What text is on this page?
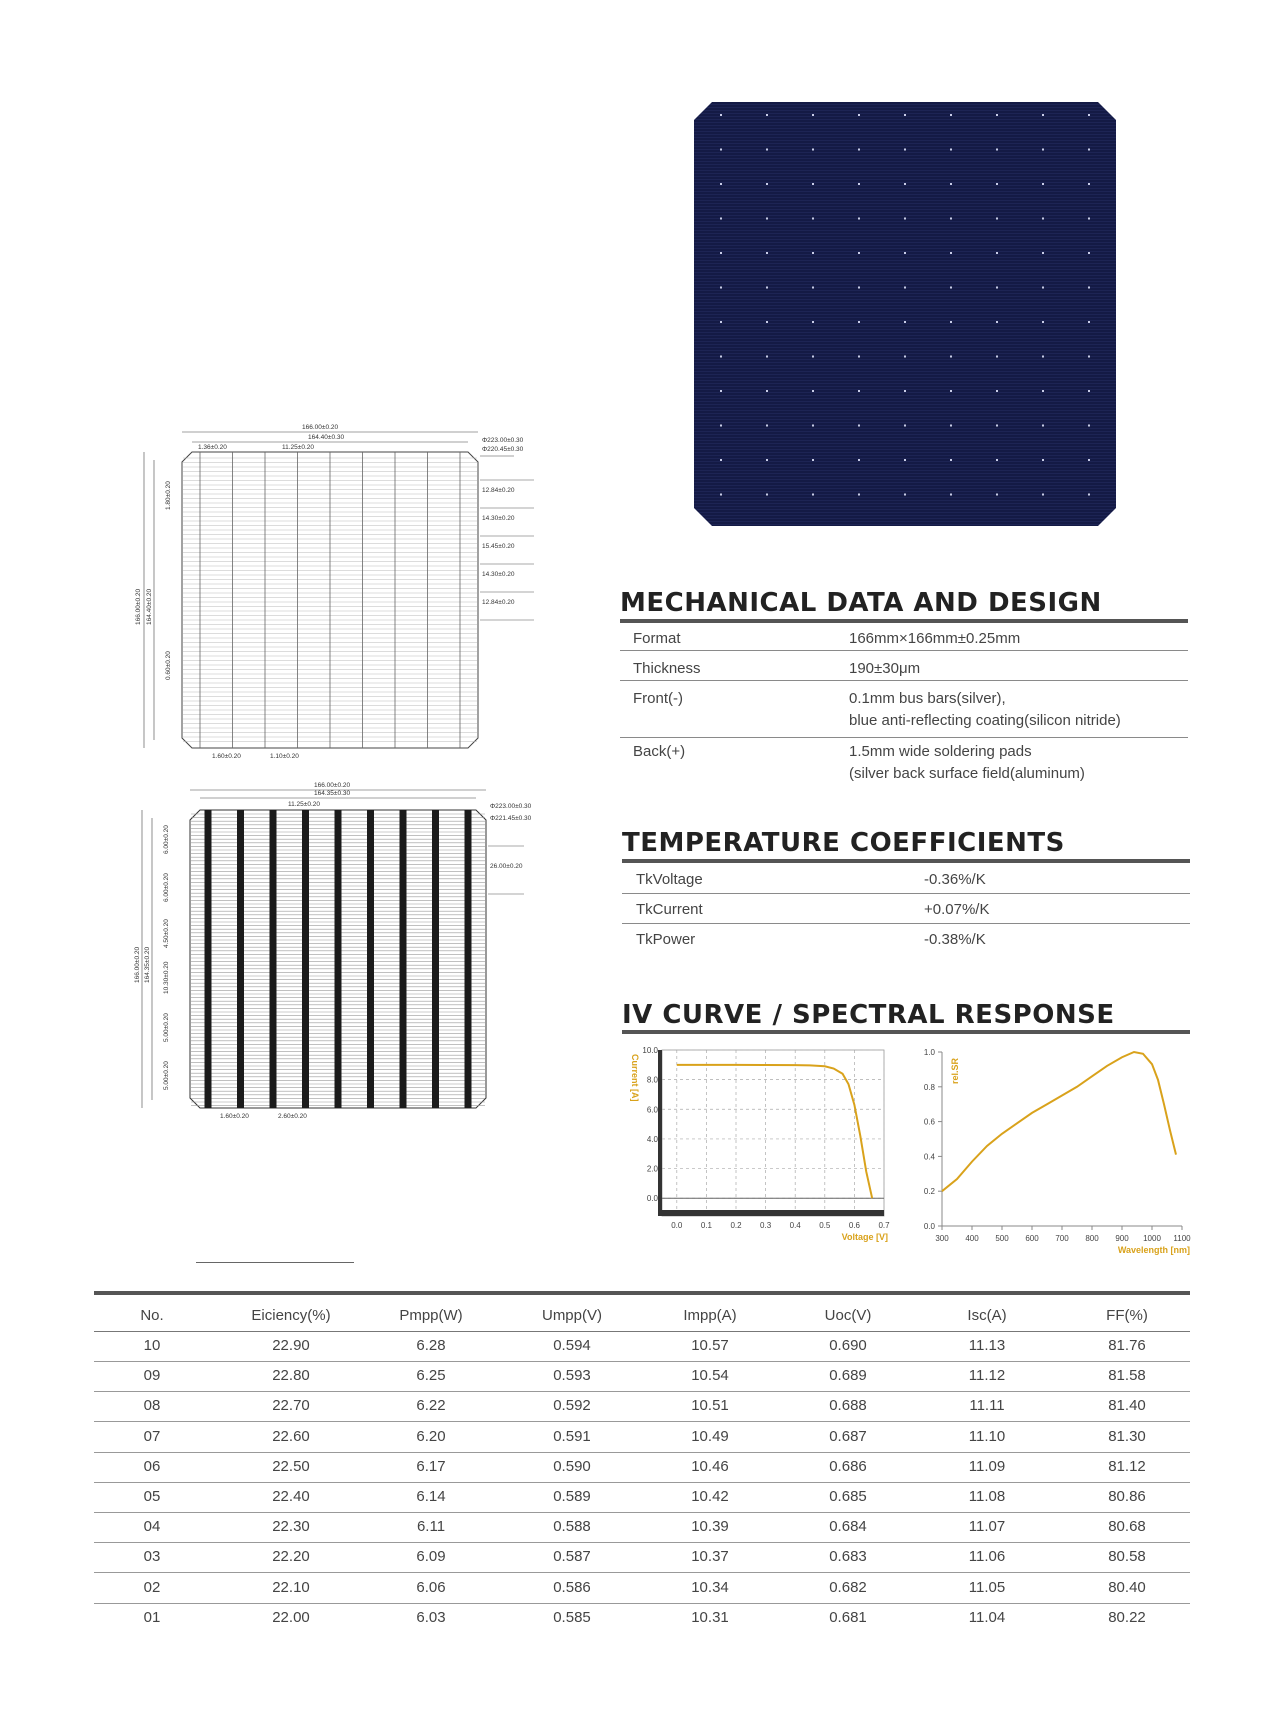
166.00±0.20
164.40±0.30
1.36±0.20	11.25±0.20
Φ223.00±0.30
Φ220.45±0.30
12.84±0.20
14.30±0.20
15.45±0.20
14.30±0.20
12.84±0.20
1.80±0.20
166.00±0.20 164.40±0.20
0.60±0.20
1.60±0.20	1.10±0.20
166.00±0.20
164.35±0.30
11.25±0.20	Φ223.00±0.30
Φ221.45±0.30
26.00±0.20
6.00±0.20
6.00±0.20
4.50±0.20
10.30±0.20
5.00±0.20
5.00±0.20
166.00±0.20 164.35±0.20
1.60±0.20	2.60±0.20
MECHANICAL DATA AND DESIGN
Format	166mm×166mm±0.25mm
Thickness	190±30μm
Front(-)	0.1mm bus bars(silver),
blue anti-reflecting coating(silicon nitride)
Back(+)	1.5mm wide soldering pads
(silver back surface field(aluminum)
TEMPERATURE COEFFICIENTS
TkVoltage	-0.36%/K
TkCurrent	+0.07%/K
TkPower	-0.38%/K
IV CURVE / SPECTRAL RESPONSE
0.0 0.1 0.2 0.3 0.4 0.5 0.6 0.7
0.0
2.0
4.0
6.0
8.0
10.0
Current [A]
Voltage [V]	300 400 500 600 700 800 900 1000 1100
0.0
0.2
0.4
0.6
0.8
1.0
rel.SR
Wavelength [nm]
No.	Eiciency(%)	Pmpp(W)	Umpp(V)	Impp(A)	Uoc(V)	Isc(A)	FF(%)
10	22.90	6.28	0.594	10.57	0.690	11.13	81.76
09	22.80	6.25	0.593	10.54	0.689	11.12	81.58
08	22.70	6.22	0.592	10.51	0.688	11.11	81.40
07	22.60	6.20	0.591	10.49	0.687	11.10	81.30
06	22.50	6.17	0.590	10.46	0.686	11.09	81.12
05	22.40	6.14	0.589	10.42	0.685	11.08	80.86
04	22.30	6.11	0.588	10.39	0.684	11.07	80.68
03	22.20	6.09	0.587	10.37	0.683	11.06	80.58
02	22.10	6.06	0.586	10.34	0.682	11.05	80.40
01	22.00	6.03	0.585	10.31	0.681	11.04	80.22
